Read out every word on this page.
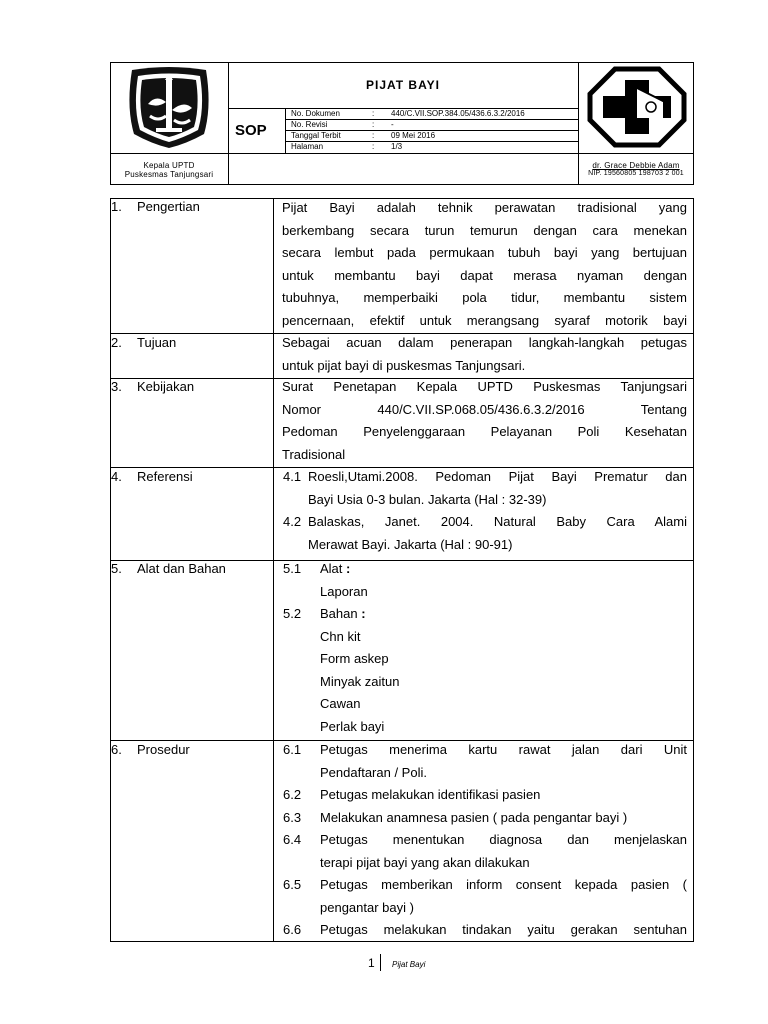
PIJAT BAYI
SOP
No. Dokumen	: 440/C.VII.SOP.384.05/436.6.3.2/2016
No. Revisi	: -
Tanggal Terbit	: 09 Mei 2016
Halaman	: 1/3
Kepala UPTD
Puskesmas Tanjungsari
dr. Grace Debbie Adam
NIP. 19560805 198703 2 001
1. Pengertian	Pijat Bayi adalah tehnik perawatan tradisional yang
berkembang secara turun temurun dengan cara menekan
secara lembut pada permukaan tubuh bayi yang bertujuan
untuk membantu bayi dapat merasa nyaman dengan
tubuhnya, memperbaiki pola tidur, membantu sistem
pencernaan, efektif untuk merangsang syaraf motorik bayi
2. Tujuan	Sebagai acuan dalam penerapan langkah-langkah petugas
untuk pijat bayi di puskesmas Tanjungsari.
3. Kebijakan	Surat Penetapan Kepala UPTD Puskesmas Tanjungsari
Nomor 440/C.VII.SP.068.05/436.6.3.2/2016 Tentang
Pedoman Penyelenggaraan Pelayanan Poli Kesehatan
Tradisional
4. Referensi	4.1 Roesli,Utami.2008. Pedoman Pijat Bayi Prematur dan
Bayi Usia 0-3 bulan. Jakarta (Hal : 32-39)
4.2 Balaskas, Janet. 2004. Natural Baby Cara Alami
Merawat Bayi. Jakarta (Hal : 90-91)
5. Alat dan Bahan	5.1 Alat :
Laporan
5.2 Bahan :
Chn kit
Form askep
Minyak zaitun
Cawan
Perlak bayi
6. Prosedur	6.1 Petugas menerima kartu rawat jalan dari Unit
Pendaftaran / Poli.
6.2 Petugas melakukan identifikasi pasien
6.3 Melakukan anamnesa pasien ( pada pengantar bayi )
6.4 Petugas menentukan diagnosa dan menjelaskan
terapi pijat bayi yang akan dilakukan
6.5 Petugas memberikan inform consent kepada pasien (
pengantar bayi )
6.6 Petugas melakukan tindakan yaitu gerakan sentuhan
1 Pijat Bayi
